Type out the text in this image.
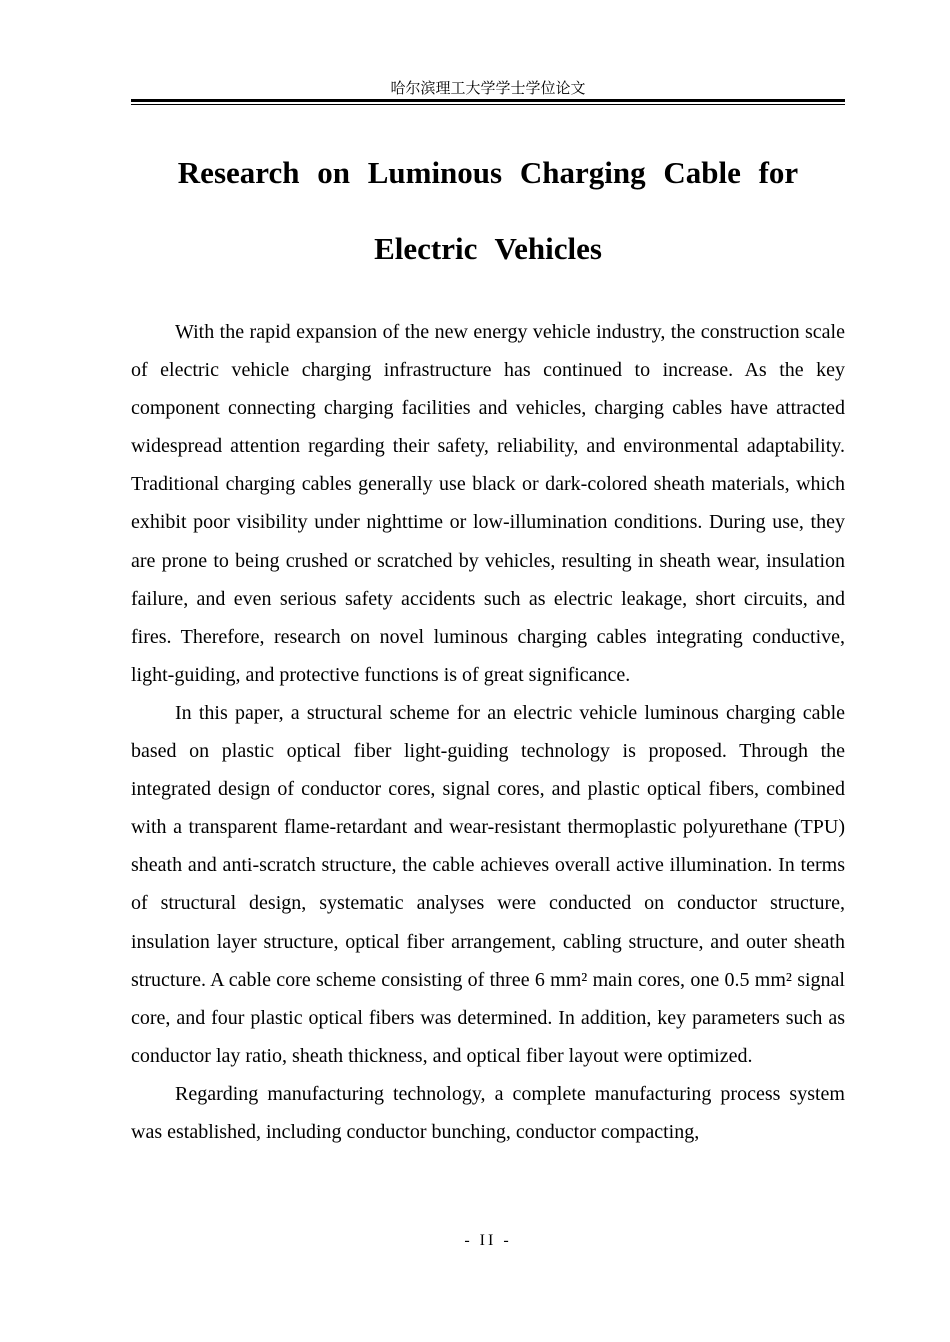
哈尔滨理工大学学士学位论文
Research on Luminous Charging Cable for
Electric Vehicles

With the rapid expansion of the new energy vehicle industry, the construction scale of electric vehicle charging infrastructure has continued to increase. As the key component connecting charging facilities and vehicles, charging cables have attracted widespread attention regarding their safety, reliability, and environmental adaptability. Traditional charging cables generally use black or dark-colored sheath materials, which exhibit poor visibility under nighttime or low-illumination conditions. During use, they are prone to being crushed or scratched by vehicles, resulting in sheath wear, insulation failure, and even serious safety accidents such as electric leakage, short circuits, and fires. Therefore, research on novel luminous charging cables integrating conductive, light-guiding, and protective functions is of great significance.

In this paper, a structural scheme for an electric vehicle luminous charging cable based on plastic optical fiber light-guiding technology is proposed. Through the integrated design of conductor cores, signal cores, and plastic optical fibers, combined with a transparent flame-retardant and wear-resistant thermoplastic polyurethane (TPU) sheath and anti-scratch structure, the cable achieves overall active illumination. In terms of structural design, systematic analyses were conducted on conductor structure, insulation layer structure, optical fiber arrangement, cabling structure, and outer sheath structure. A cable core scheme consisting of three 6 mm² main cores, one 0.5 mm² signal core, and four plastic optical fibers was determined. In addition, key parameters such as conductor lay ratio, sheath thickness, and optical fiber layout were optimized.

Regarding manufacturing technology, a complete manufacturing process system was established, including conductor bunching, conductor compacting,

- II -
